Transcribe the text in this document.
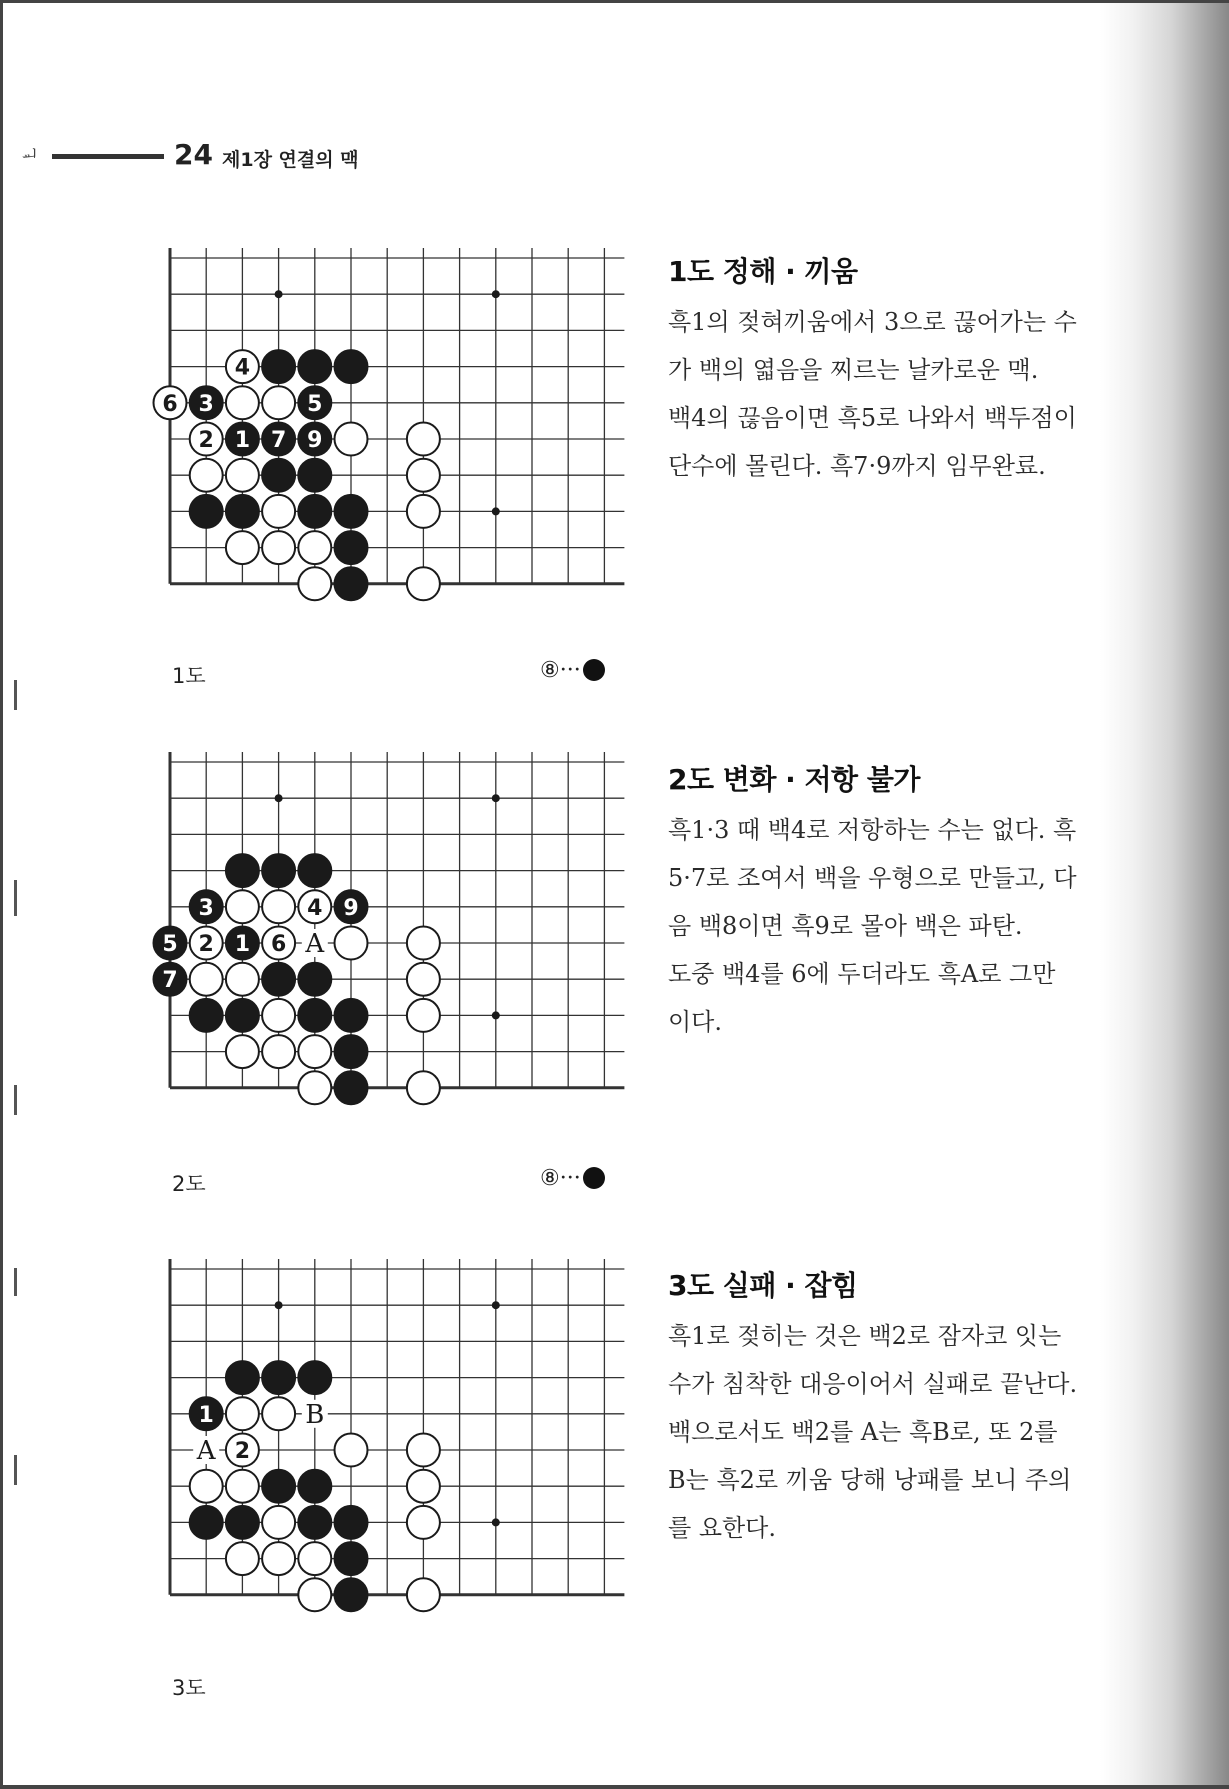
ᆈ	24 제1장 연결의 맥
4
6 3	5
2 1 7 9
1도	⑧···

1도 정해 · 끼움

흑1의 젖혀끼움에서 3으로 끊어가는 수가 백의 엷음을 찌르는 날카로운 맥.

백4의 끊음이면 흑5로 나와서 백두점이 단수에 몰린다. 흑7·9까지 임무완료.

A
3	4 9
5 2 1 6
7
2도	⑧···

2도 변화 · 저항 불가

흑1·3 때 백4로 저항하는 수는 없다. 흑5·7로 조여서 백을 우형으로 만들고, 다음 백8이면 흑9로 몰아 백은 파탄.

도중 백4를 6에 두더라도 흑A로 그만이다.

B
A
1
2
3도

3도 실패 · 잡힘

흑1로 젖히는 것은 백2로 잠자코 잇는 수가 침착한 대응이어서 실패로 끝난다.

백으로서도 백2를 A는 흑B로, 또 2를 B는 흑2로 끼움 당해 낭패를 보니 주의를 요한다.
